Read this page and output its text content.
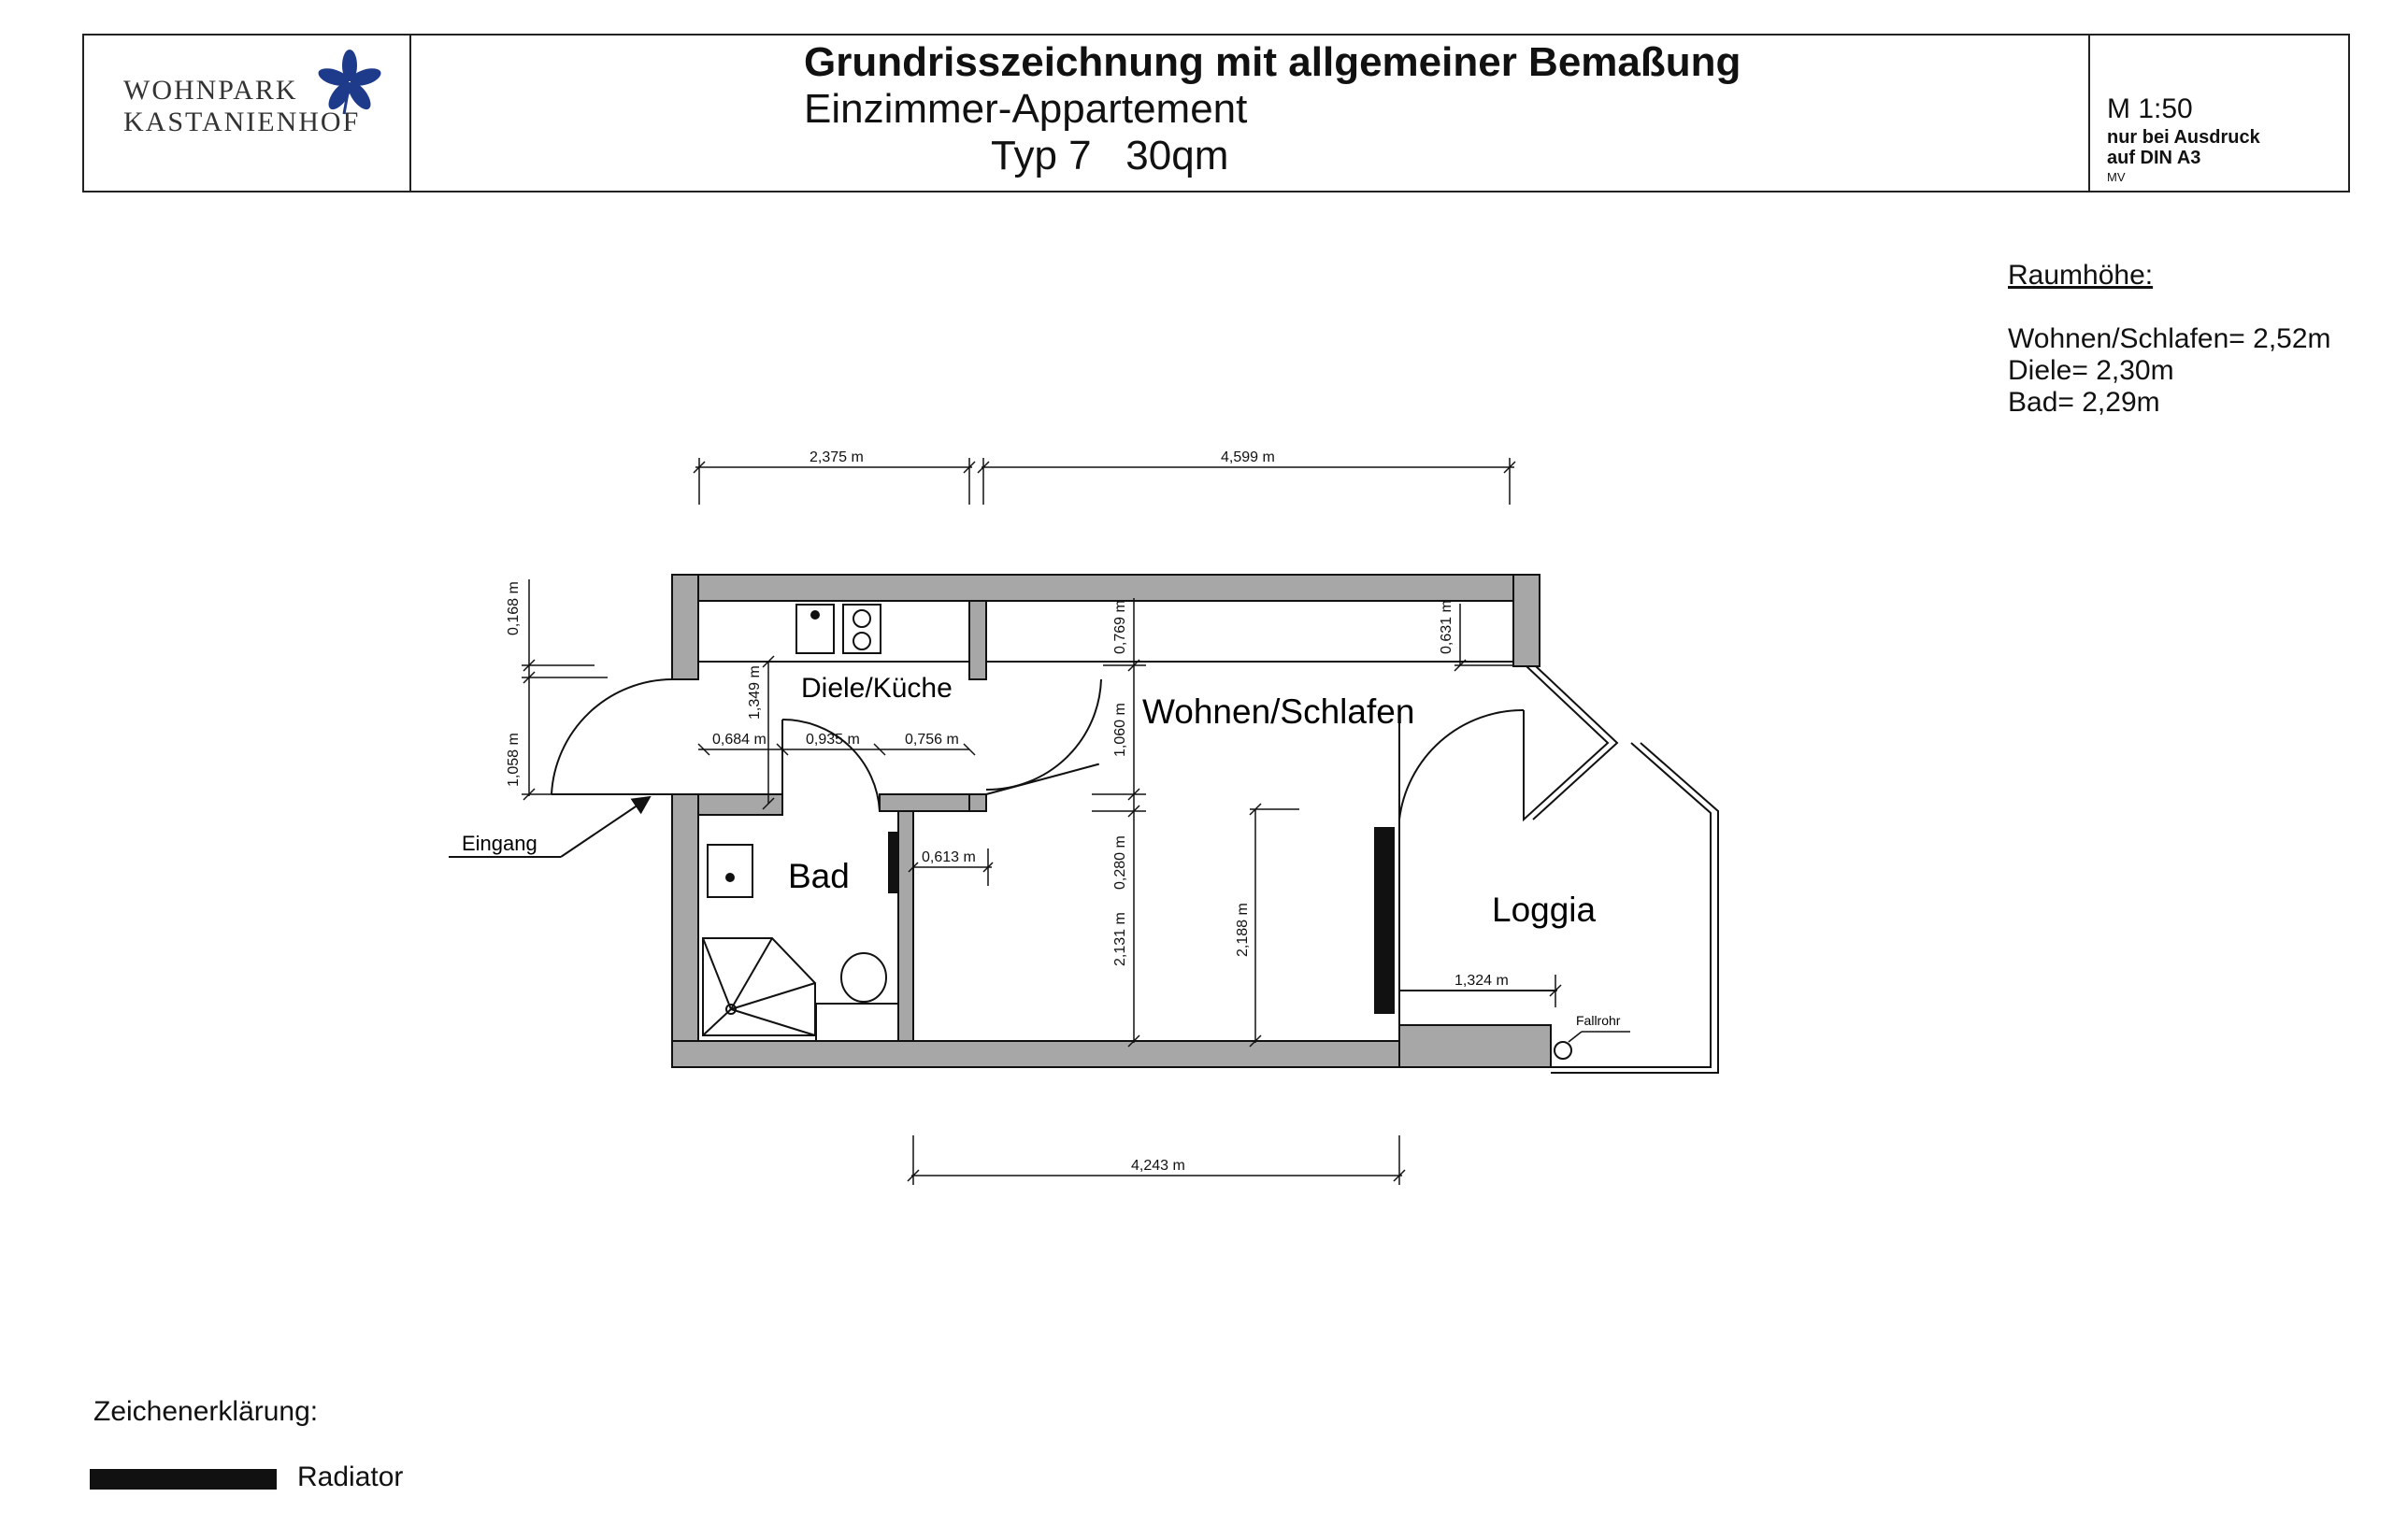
WOHNPARK
KASTANIENHOF
Grundrisszeichnung mit allgemeiner Bemaßung
Einzimmer-Appartement
Typ 7   30qm
M 1:50
nur bei Ausdruck
auf DIN A3
MV
Raumhöhe:
Wohnen/Schlafen= 2,52m
Diele= 2,30m
Bad= 2,29m
Fallrohr
Eingang
Diele/Küche
Wohnen/Schlafen
Bad
Loggia
2,375 m	4,599 m
4,243 m
0,684 m	0,935 m	0,756 m
0,613 m
1,324 m
0,168 m
1,058 m
1,349 m
0,769 m
1,060 m
0,280 m
2,131 m	2,188 m
0,631 m
Zeichenerklärung:
Radiator
